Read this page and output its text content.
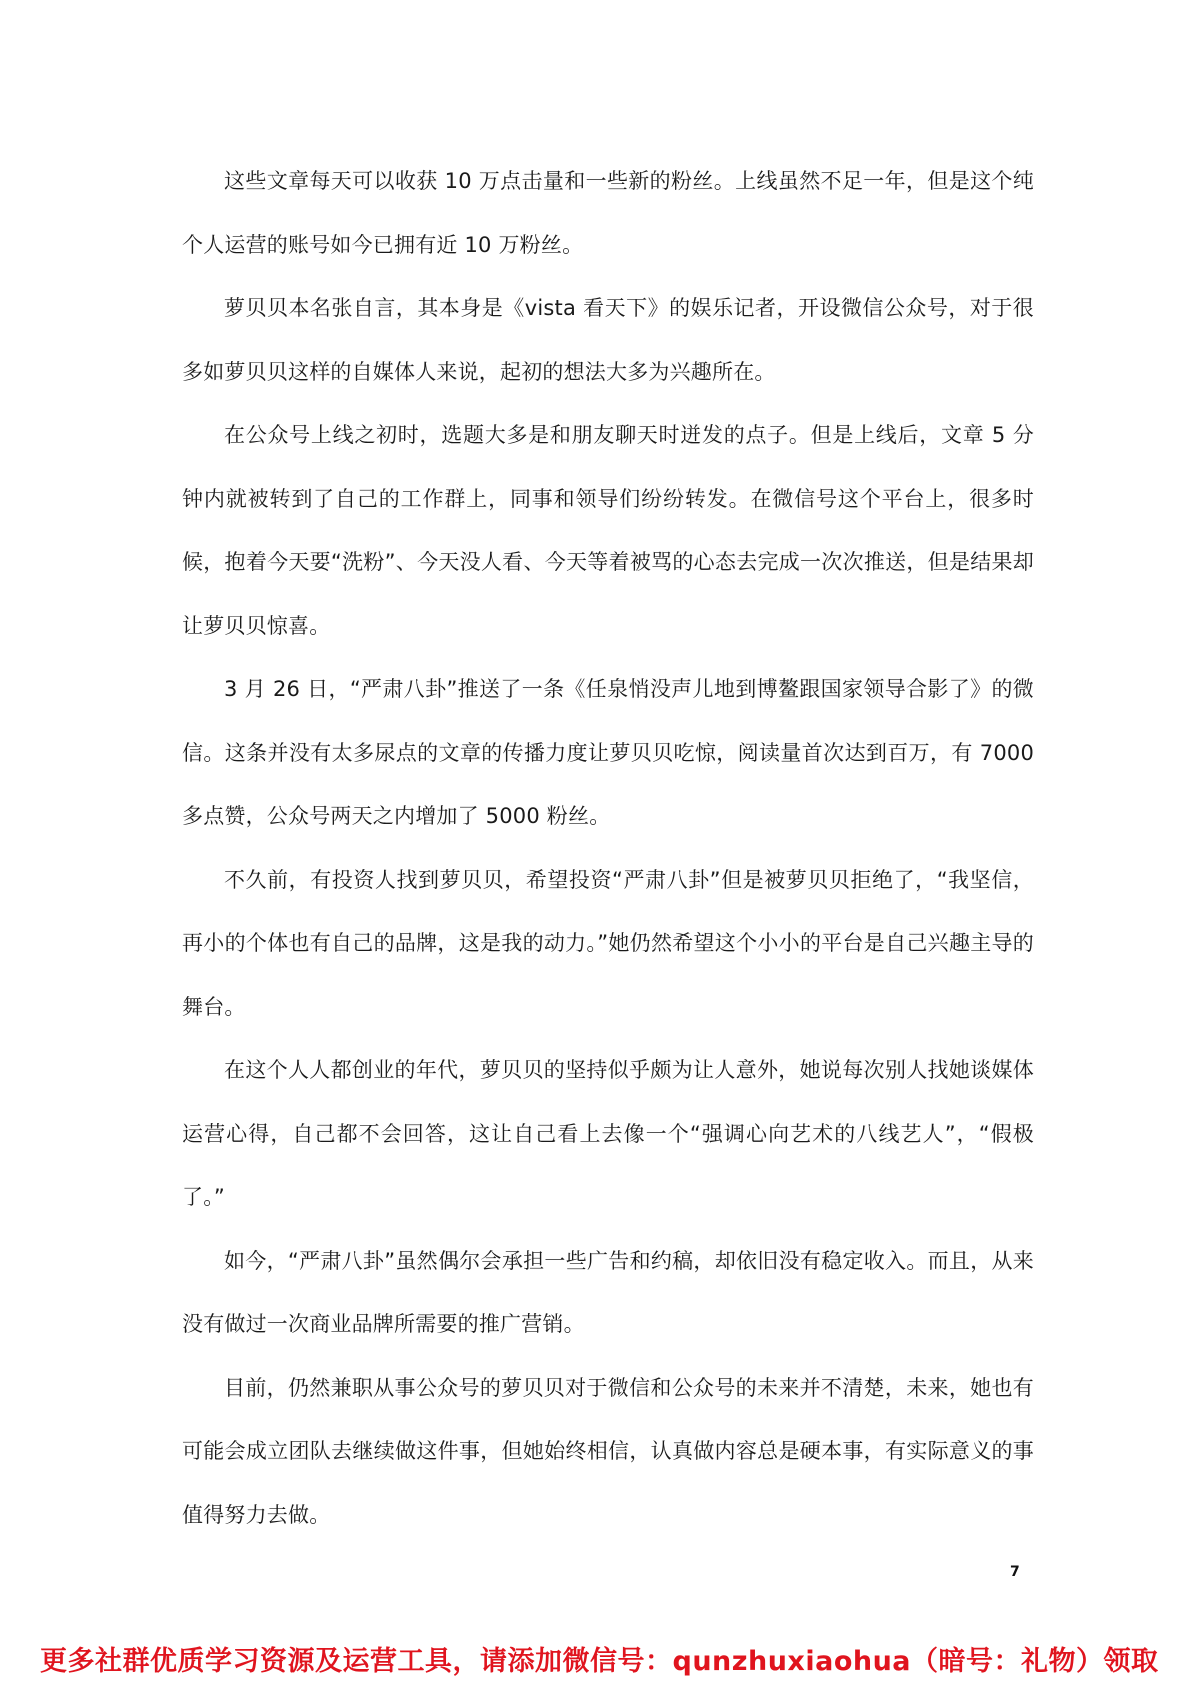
这些文章每天可以收获 10 万点击量和一些新的粉丝。上线虽然不足一年，但是这个纯个人运营的账号如今已拥有近 10 万粉丝。

萝贝贝本名张自言，其本身是《vista 看天下》的娱乐记者，开设微信公众号，对于很多如萝贝贝这样的自媒体人来说，起初的想法大多为兴趣所在。

在公众号上线之初时，选题大多是和朋友聊天时迸发的点子。但是上线后，文章 5 分钟内就被转到了自己的工作群上，同事和领导们纷纷转发。在微信号这个平台上，很多时候，抱着今天要“洗粉”、今天没人看、今天等着被骂的心态去完成一次次推送，但是结果却让萝贝贝惊喜。

3 月 26 日，“严肃八卦”推送了一条《任泉悄没声儿地到博鳌跟国家领导合影了》的微信。这条并没有太多尿点的文章的传播力度让萝贝贝吃惊，阅读量首次达到百万，有 7000 多点赞，公众号两天之内增加了 5000 粉丝。

不久前，有投资人找到萝贝贝，希望投资“严肃八卦”但是被萝贝贝拒绝了，“我坚信，再小的个体也有自己的品牌，这是我的动力。”她仍然希望这个小小的平台是自己兴趣主导的舞台。

在这个人人都创业的年代，萝贝贝的坚持似乎颇为让人意外，她说每次别人找她谈媒体运营心得，自己都不会回答，这让自己看上去像一个“强调心向艺术的八线艺人”，“假极了。”

如今，“严肃八卦”虽然偶尔会承担一些广告和约稿，却依旧没有稳定收入。而且，从来没有做过一次商业品牌所需要的推广营销。

目前，仍然兼职从事公众号的萝贝贝对于微信和公众号的未来并不清楚，未来，她也有可能会成立团队去继续做这件事，但她始终相信，认真做内容总是硬本事，有实际意义的事值得努力去做。

7
更多社群优质学习资源及运营工具，请添加微信号：qunzhuxiaohua（暗号：礼物）领取
